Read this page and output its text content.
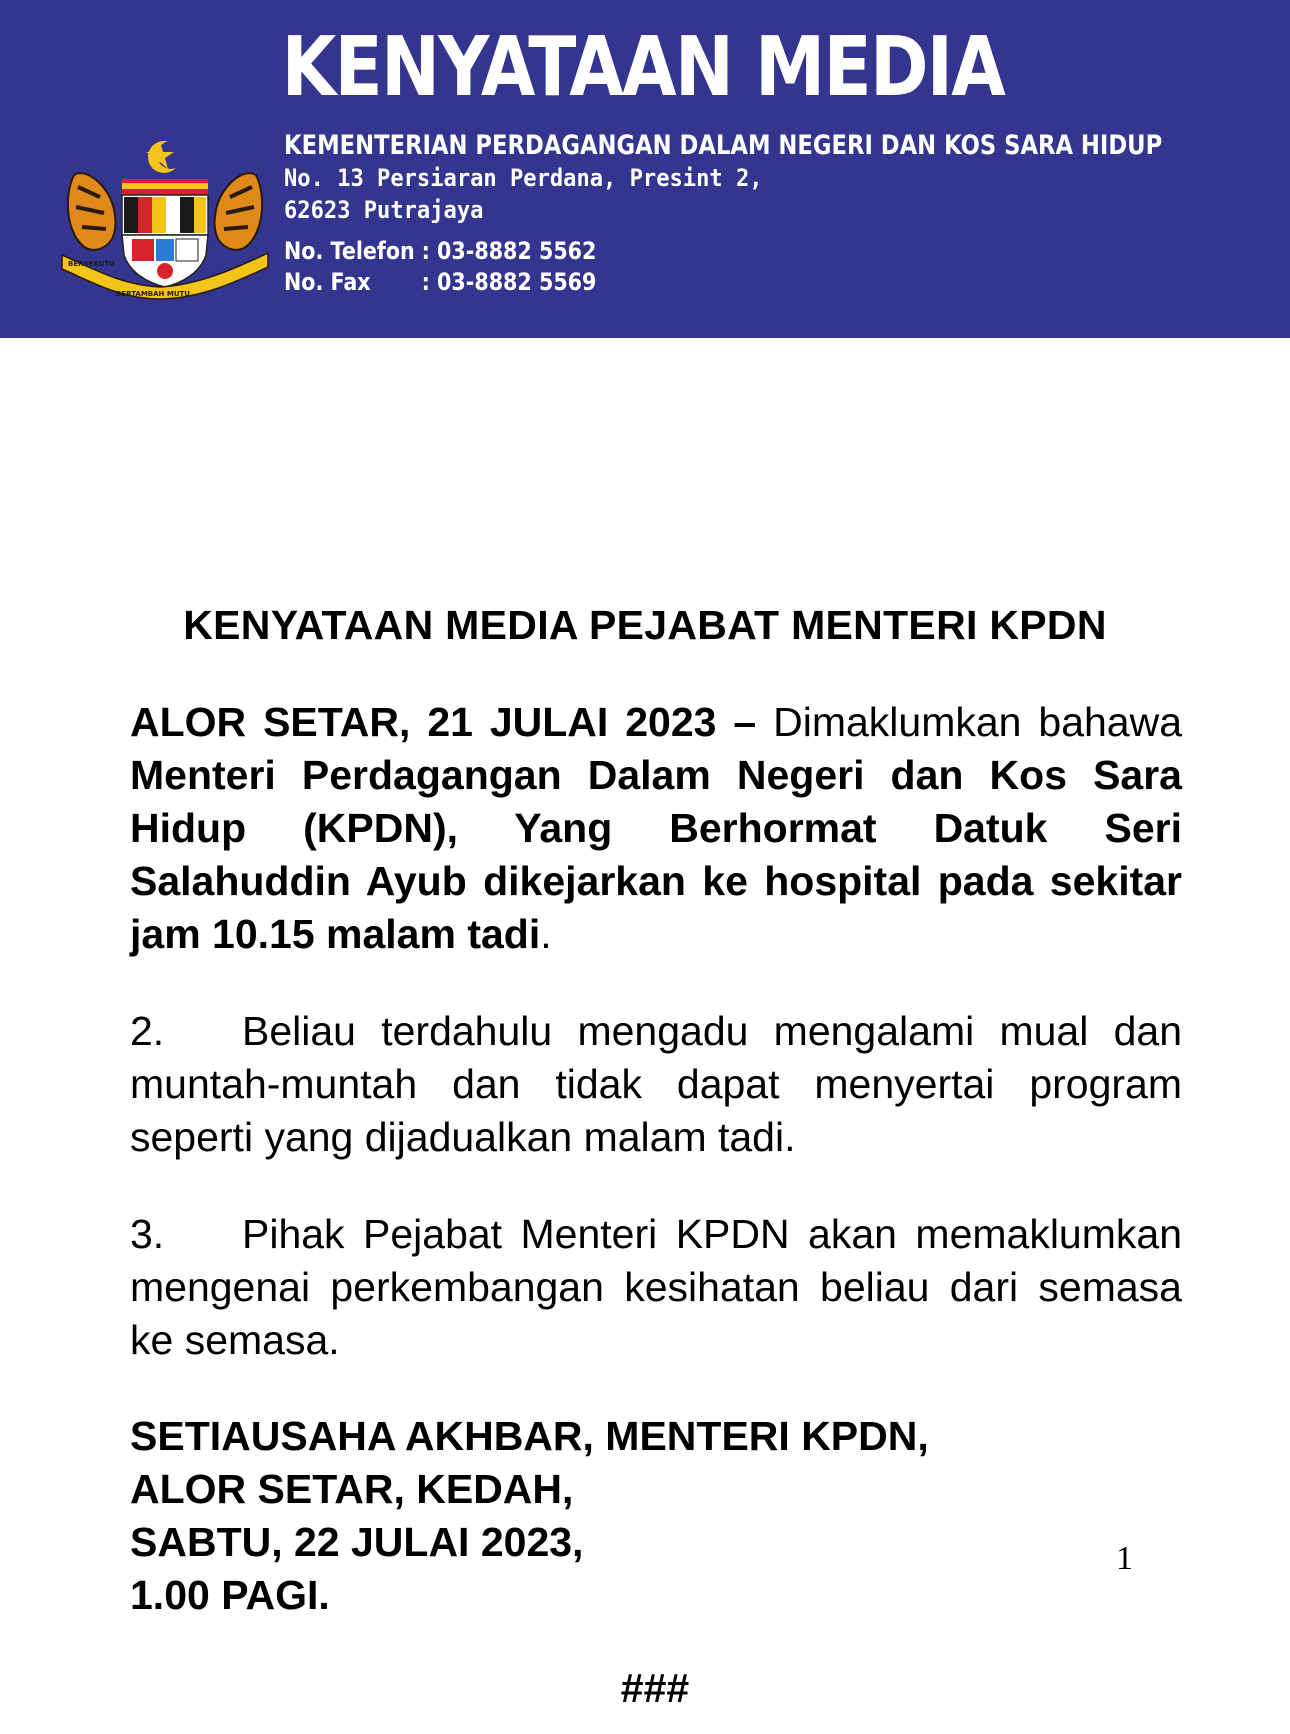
KENYATAAN MEDIA
BERSEKUTU
BERTAMBAH MUTU
KEMENTERIAN PERDAGANGAN DALAM NEGERI DAN KOS SARA HIDUP
No. 13 Persiaran Perdana, Presint 2,
62623 Putrajaya
No. Telefon : 03-8882 5562
No. Fax	: 03-8882 5569
KENYATAAN MEDIA PEJABAT MENTERI KPDN
ALOR SETAR, 21 JULAI 2023 – Dimaklumkan bahawa Menteri Perdagangan Dalam Negeri dan Kos Sara Hidup (KPDN), Yang Berhormat Datuk Seri Salahuddin Ayub dikejarkan ke hospital pada sekitar jam 10.15 malam tadi.
2. Beliau terdahulu mengadu mengalami mual dan muntah-muntah dan tidak dapat menyertai program seperti yang dijadualkan malam tadi.
3. Pihak Pejabat Menteri KPDN akan memaklumkan mengenai perkembangan kesihatan beliau dari semasa ke semasa.
SETIAUSAHA AKHBAR, MENTERI KPDN,
ALOR SETAR, KEDAH,
SABTU, 22 JULAI 2023,
1.00 PAGI.
1
###
